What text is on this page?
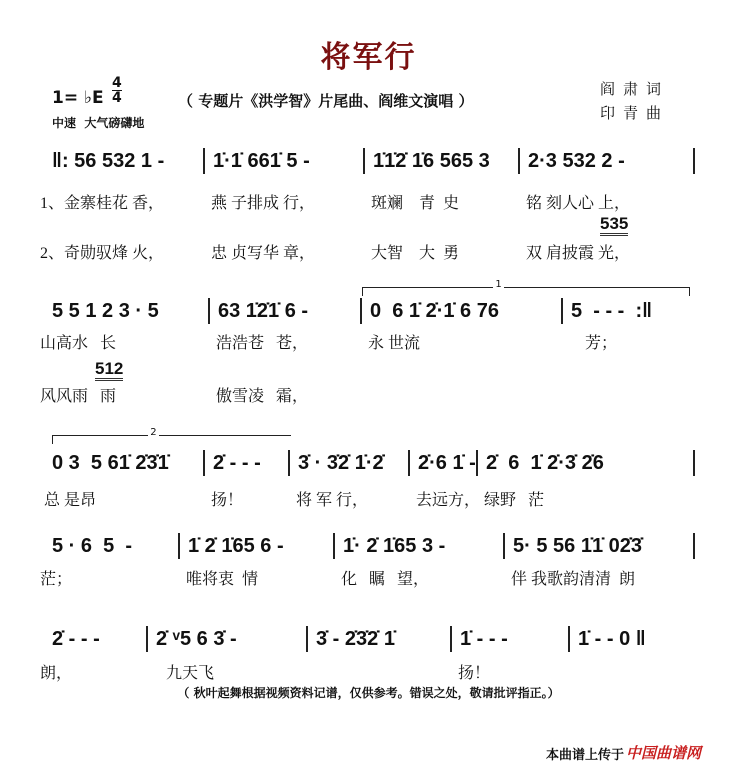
将军行
1= ♭E $\frac{4}{4}$
中速  大气磅礴地
（ 专题片《洪学智》片尾曲、阎维文演唱 ）
阎肃词
印青曲
‖: 56 532 1 -	1̇·1̇ 661̇ 5 -	1̇1̇2̇ 1̇6 565 3	2·3 532 2 -
1、金寨桂花 香，	燕 子排成 行，	斑斓    青  史	铭 刻人心 上，
2、奇勋驭烽 火，	忠 贞写华 章，	大智    大  勇	双 肩披霞 光，
535
5 5 1 2 3 · 5	63 1̇2̇1̇ 6 -	0  6 1̇ 2̇·1̇ 6 76	5  - - -  :‖
山高水   长	浩浩苍   苍，	永 世流	芳；
风风雨   雨	傲雪凌   霜，
512
1
0 3  5 61̇ 2̇3̇1̇	2̇ - - -	3̇ · 3̇2̇ 1̇·2̇	2̇·6 1̇ - 2̇  6  1̇ 2̇·3̇ 2̇6
总 是昂	扬！	将 军 行，	去远方， 绿野   茫
2
5 · 6  5  -	1̇ 2̇ 1̇65 6 -	1̇· 2̇ 1̇65 3 -	5· 5 56 1̇1̇ 02̇3̇
茫；	唯将衷  情	化   瞩   望，	伴 我歌韵清清  朗
2̇ - - -	2̇ ᵛ5 6 3̇ -	3̇ - 2̇3̇2̇ 1̇	1̇ - - -	1̇ - - 0 ‖
朗，	九天飞	扬！
（ 秋叶起舞根据视频资料记谱，仅供参考。错误之处，敬请批评指正。）
本曲谱上传于 中国曲谱网
